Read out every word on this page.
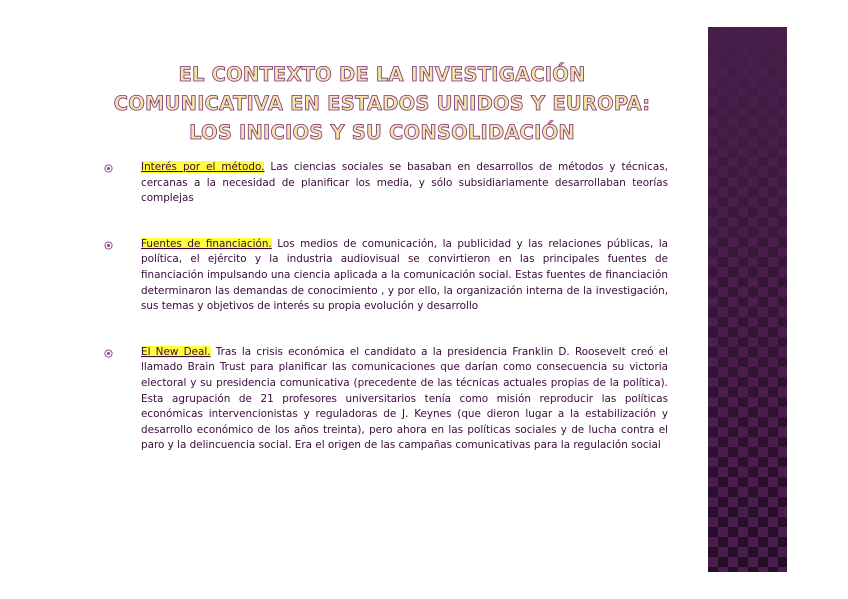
EL CONTEXTO DE LA INVESTIGACIÓN COMUNICATIVA EN ESTADOS UNIDOS Y EUROPA: LOS INICIOS Y SU CONSOLIDACIÓN
Interés por el método. Las ciencias sociales se basaban en desarrollos de métodos y técnicas, cercanas a la necesidad de planificar los media, y sólo subsidiariamente desarrollaban teorías complejas
Fuentes de financiación. Los medios de comunicación, la publicidad y las relaciones públicas, la política, el ejército y la industria audiovisual se convirtieron en las principales fuentes de financiación impulsando una ciencia aplicada a la comunicación social. Estas fuentes de financiación determinaron las demandas de conocimiento , y por ello, la organización interna de la investigación, sus temas y objetivos de interés su propia evolución y desarrollo
El New Deal. Tras la crisis económica el candidato a la presidencia Franklin D. Roosevelt creó el llamado Brain Trust para planificar las comunicaciones que darían como consecuencia su victoria electoral y su presidencia comunicativa (precedente de las técnicas actuales propias de la política). Esta agrupación de 21 profesores universitarios tenía como misión reproducir las políticas económicas intervencionistas y reguladoras de J. Keynes (que dieron lugar a la estabilización y desarrollo económico de los años treinta), pero ahora en las políticas sociales y de lucha contra el paro y la delincuencia social. Era el origen de las campañas comunicativas para la regulación social
